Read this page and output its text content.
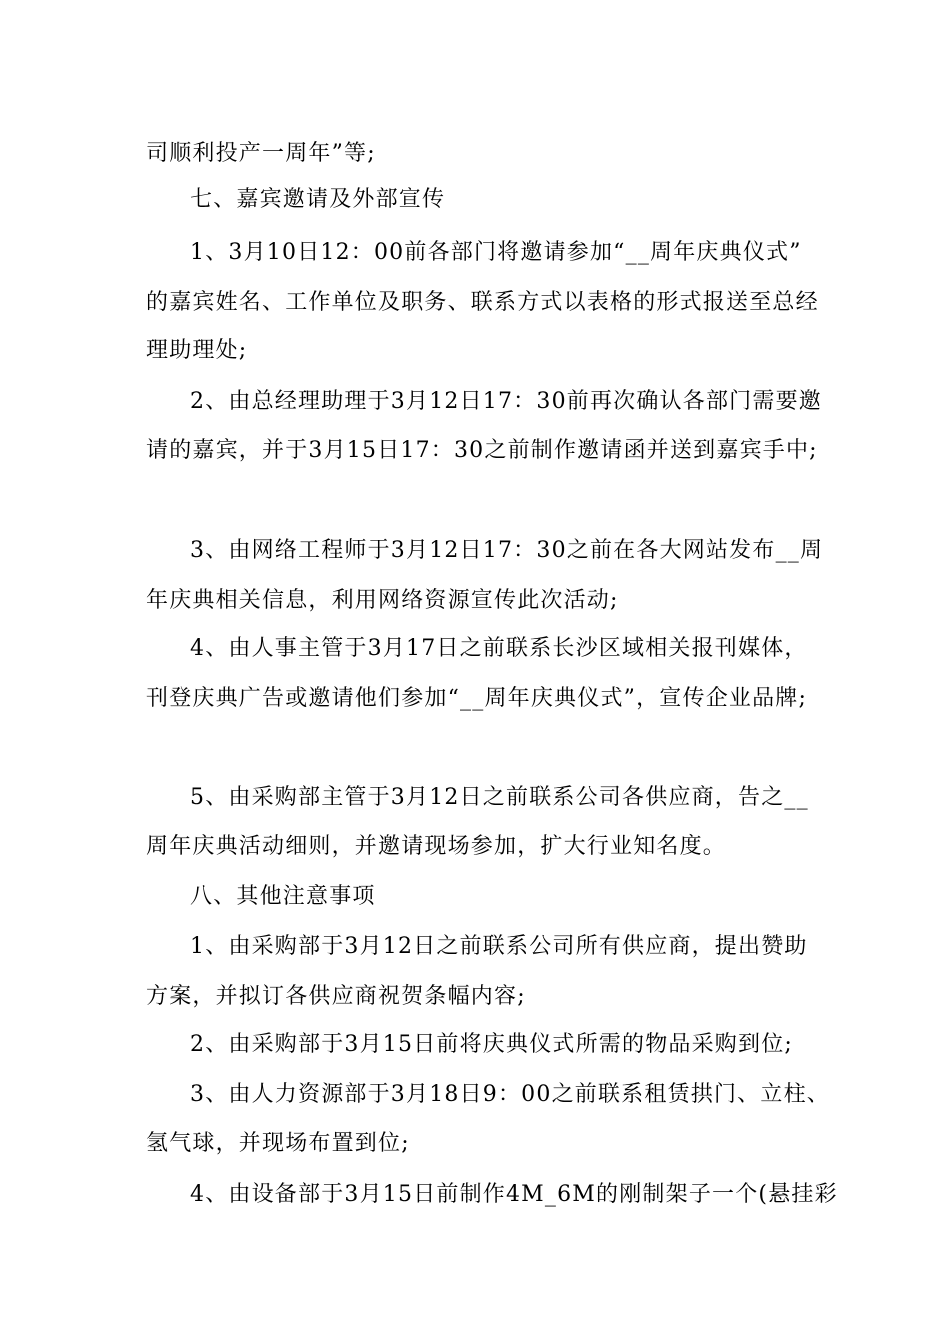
司顺利投产一周年”等;
七、嘉宾邀请及外部宣传
1、3月10日12：00前各部门将邀请参加“__周年庆典仪式”
的嘉宾姓名、工作单位及职务、联系方式以表格的形式报送至总经
理助理处;
2、由总经理助理于3月12日17：30前再次确认各部门需要邀
请的嘉宾，并于3月15日17：30之前制作邀请函并送到嘉宾手中;
3、由网络工程师于3月12日17：30之前在各大网站发布__周
年庆典相关信息，利用网络资源宣传此次活动;
4、由人事主管于3月17日之前联系长沙区域相关报刊媒体，
刊登庆典广告或邀请他们参加“__周年庆典仪式”，宣传企业品牌;
5、由采购部主管于3月12日之前联系公司各供应商，告之__
周年庆典活动细则，并邀请现场参加，扩大行业知名度。
八、其他注意事项
1、由采购部于3月12日之前联系公司所有供应商，提出赞助
方案，并拟订各供应商祝贺条幅内容;
2、由采购部于3月15日前将庆典仪式所需的物品采购到位;
3、由人力资源部于3月18日9：00之前联系租赁拱门、立柱、
氢气球，并现场布置到位;
4、由设备部于3月15日前制作4M_6M的刚制架子一个(悬挂彩
